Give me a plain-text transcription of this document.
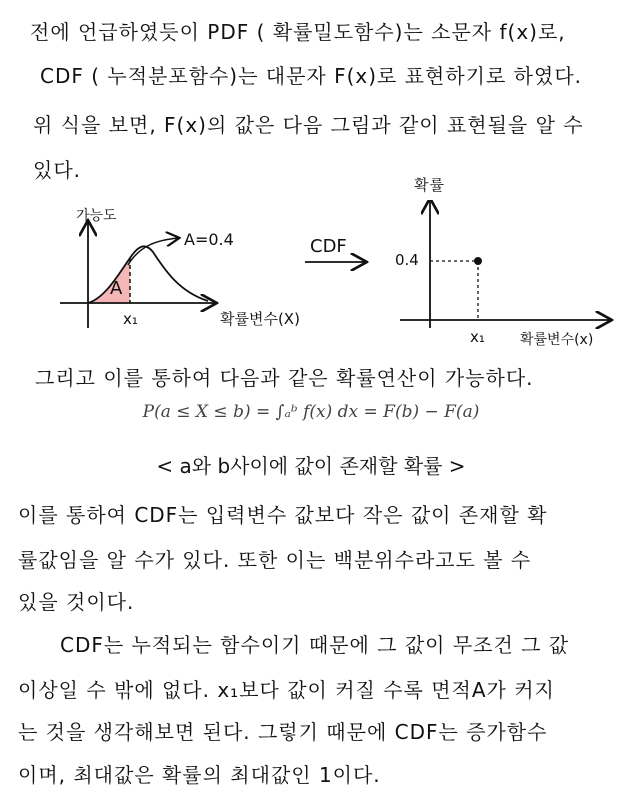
전에 언급하였듯이 PDF ( 확률밀도함수)는 소문자 f(x)로,
CDF ( 누적분포함수)는 대문자 F(x)로 표현하기로 하였다.
위 식을 보면, F(x)의 값은 다음 그림과 같이 표현될을 알 수
있다.
A
A=0.4
가능도
x₁	확률변수(X)
CDF
0.4
x₁	확률변수(x)
확률
그리고 이를 통하여 다음과 같은 확률연산이 가능하다.
P(a ≤ X ≤ b) = ∫ₐᵇ f(x) dx = F(b) − F(a)
< a와 b사이에 값이 존재할 확률 >
이를 통하여 CDF는 입력변수 값보다 작은 값이 존재할 확
률값임을 알 수가 있다. 또한 이는 백분위수라고도 볼 수
있을 것이다.
CDF는 누적되는 함수이기 때문에 그 값이 무조건 그 값
이상일 수 밖에 없다. x₁보다 값이 커질 수록 면적A가 커지
는 것을 생각해보면 된다. 그렇기 때문에 CDF는 증가함수
이며, 최대값은 확률의 최대값인 1이다.
